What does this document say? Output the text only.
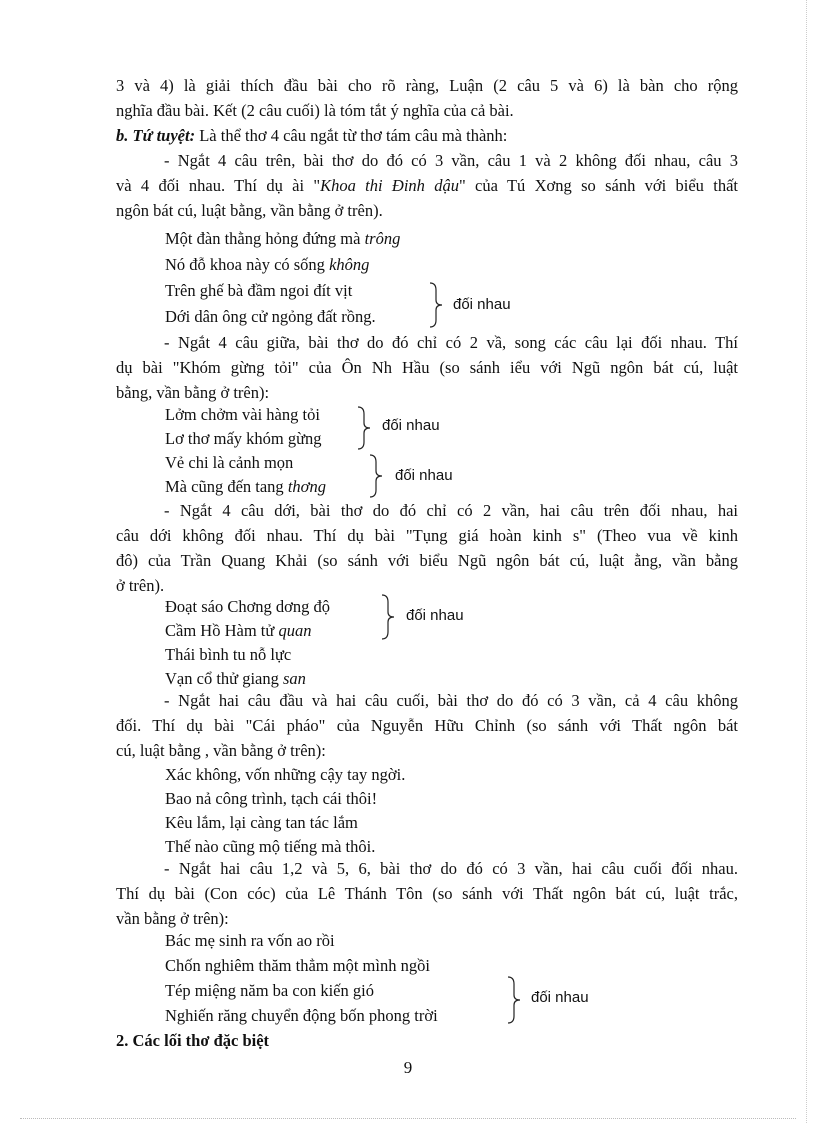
3 và 4) là giải thích đầu bài cho rõ ràng, Luận (2 câu 5 và 6) là bàn cho rộng
nghĩa đầu bài. Kết (2 câu cuối) là tóm tắt ý nghĩa của cả bài.
b. Tứ tuyệt: Là thể thơ 4 câu ngắt từ thơ tám câu mà thành:
- Ngắt 4 câu trên, bài thơ do đó có 3 vần, câu 1 và 2 không đối nhau, câu 3
và 4 đối nhau. Thí dụ ài "Khoa thi Đinh dậu" của Tú Xơng so sánh với biểu thất
ngôn bát cú, luật bằng, vần bằng ở trên).
Một đàn thằng hỏng đứng mà trông
Nó đỗ khoa này có sống không
Trên ghế bà đầm ngoi đít vịt
Dới dân ông cử ngỏng đất rồng.
đối nhau
- Ngắt 4 câu giữa, bài thơ do đó chỉ có 2 vầ, song các câu lại đối nhau. Thí
dụ bài "Khóm gừng tỏi" của Ôn Nh Hầu (so sánh iểu với Ngũ ngôn bát cú, luật
bằng, vần bằng ở trên):
Lởm chởm vài hàng tỏi
Lơ thơ mấy khóm gừng
đối nhau
Vẻ chi là cảnh mọn
Mà cũng đến tang thơng
đối nhau
- Ngắt 4 câu dới, bài thơ do đó chỉ có 2 vần, hai câu trên đối nhau, hai
câu dới không đối nhau. Thí dụ bài "Tụng giá hoàn kinh s" (Theo vua về kinh
đô) của Trần Quang Khải (so sánh với biểu Ngũ ngôn bát cú, luật ằng, vần bằng
ở trên).
Đoạt sáo Chơng dơng độ
Cầm Hồ Hàm tử quan
đối nhau
Thái bình tu nỗ lực
Vạn cổ thử giang san
- Ngắt hai câu đầu và hai câu cuối, bài thơ do đó có 3 vần, cả 4 câu không
đối. Thí dụ bài "Cái pháo" của Nguyễn Hữu Chỉnh (so sánh với Thất ngôn bát
cú, luật bằng , vần bằng ở trên):
Xác không, vốn những cậy tay ngời.
Bao nả công trình, tạch cái thôi!
Kêu lắm, lại càng tan tác lắm
Thế nào cũng mộ tiếng mà thôi.
- Ngắt hai câu 1,2 và 5, 6, bài thơ do đó có 3 vần, hai câu cuối đối nhau.
Thí dụ bài (Con cóc) của Lê Thánh Tôn (so sánh với Thất ngôn bát cú, luật trắc,
vần bằng ở trên):
Bác mẹ sinh ra vốn ao rồi
Chốn nghiêm thăm thẳm một mình ngồi
Tép miệng năm ba con kiến gió
Nghiến răng chuyển động bốn phong trời
đối nhau
2. Các lối thơ đặc biệt
9
